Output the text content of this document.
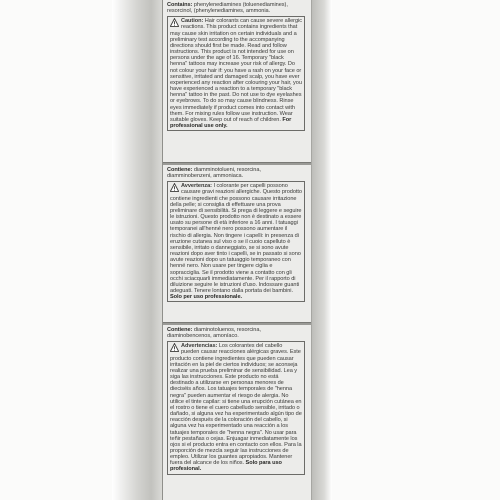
Contains: phenylenediamines (toluenediamines), resorcinol, (phenylenediamines, ammonia.
Caution: Hair colorants can cause severe allergic reactions. This product contains ingredients that may cause skin irritation on certain individuals and a preliminary test according to the accompanying directions should first be made. Read and follow instructions. This product is not intended for use on persons under the age of 16. Temporary "black henna" tattoos may increase your risk of allergy. Do not colour your hair if: you have a rash on your face or sensitive, irritated and damaged scalp, you have ever experienced any reaction after colouring your hair, you have experienced a reaction to a temporary "black henna" tattoo in the past. Do not use to dye eyelashes or eyebrows. To do so may cause blindness. Rinse eyes immediately if product comes into contact with them. For mixing rules follow use instruction. Wear suitable gloves. Keep out of reach of children. For professional use only.
Contiene: diamminotolueni, resorcina, diamminobenzeni, ammoniaca.
Avvertenza: I colorante per capelli possono causare gravi reazioni allergiche. Questo prodotto contiene ingredienti che possono causare irritazione della pelle; si consiglia di effettuare una prova preliminare di sensibilità. Si prega di leggere e seguire le istruzioni. Questo prodotto non è destinato a essere usato su persone di età inferiore a 16 anni. I tatuaggi temporanei all'henné nero possono aumentare il rischio di allergia. Non tingere i capelli: in presenza di eruzione cutanea sul viso o se il cuoio capelluto è sensibile, irritato o danneggiato, se si sono avute reazioni dopo aver tinto i capelli, se in passato si sono avute reazioni dopo un tatuaggio temporaneo con henné nero. Non usare per tingere ciglia e sopracciglia. Se il prodotto viene a contatto con gli occhi sciacquarli immediatamente. Per il rapporto di diluizione seguire le istruzioni d'uso. Indossare guanti adeguati. Tenere lontano dalla portata dei bambini. Solo per uso professionale.
Contiene: diaminotoluenos, resorcina, diaminobencenos, amoníaco.
Advertencias: Los colorantes del cabello pueden causar reacciones alérgicas graves. Este producto contiene ingredientes que pueden causar irritación en la piel de ciertos individuos; se aconseja realizar una prueba preliminar de sensibilidad. Lea y siga las instrucciones. Este producto no está destinado a utilizarse en personas menores de dieciséis años. Los tatuajes temporales de "henna negra" pueden aumentar el riesgo de alergia. No utilice el tinte capilar: si tiene una erupción cutánea en el rostro o tiene el cuero cabelludo sensible, irritado o dañado, si alguna vez ha experimentado algún tipo de reacción después de la coloración del cabello, si alguna vez ha experimentado una reacción a los tatuajes temporales de "henna negra". No usar para teñir pestañas o cejas. Enjuagar inmediatamente los ojos si el producto entra en contacto con ellos. Para la proporción de mezcla seguir las instrucciones de empleo. Utilizar los guantes apropiados. Mantener fuera del alcance de los niños. Solo para uso profesional.
